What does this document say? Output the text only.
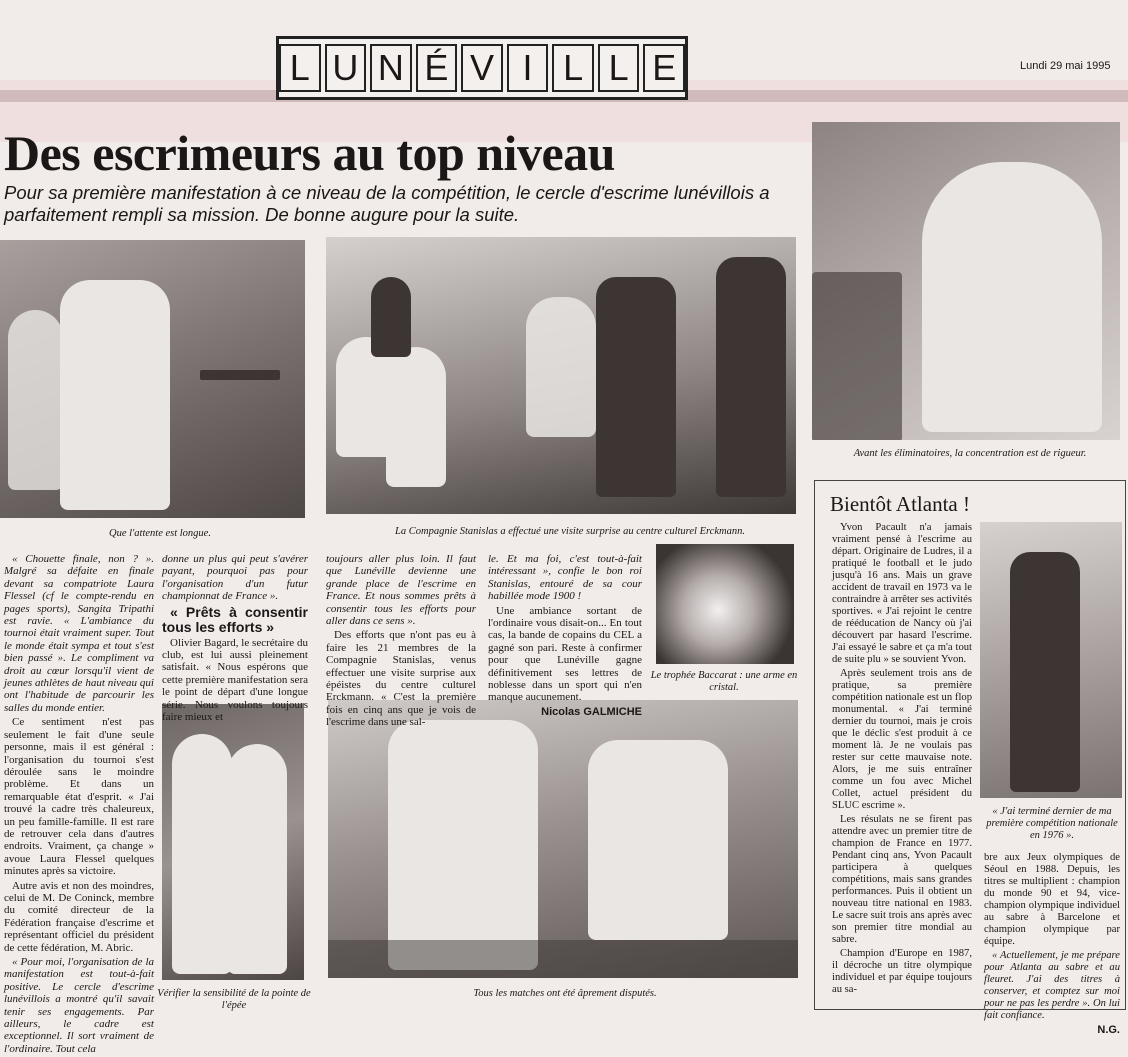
L U N É V I L L E	Lundi 29 mai 1995
Des escrimeurs au top niveau
Pour sa première manifestation à ce niveau de la compétition, le cercle d'escrime lunévillois a parfaitement rempli sa mission. De bonne augure pour la suite.
Que l'attente est longue.	La Compagnie Stanislas a effectué une visite surprise au centre culturel Erckmann.
Avant les éliminatoires, la concentration est de rigueur.
Le trophée Baccarat : une arme en cristal.
Vérifier la sensibilité de la pointe de l'épée
Tous les matches ont été âprement disputés.
« J'ai terminé dernier de ma première compétition nationale en 1976 ».

« Chouette finale, non ? ». Malgré sa défaite en finale devant sa compatriote Laura Flessel (cf le compte-rendu en pages sports), Sangita Tripathi est ravie. « L'ambiance du tournoi était vraiment super. Tout le monde était sympa et tout s'est bien passé ». Le compliment va droit au cœur lorsqu'il vient de jeunes athlètes de haut niveau qui ont l'habitude de parcourir les salles du monde entier.

Ce sentiment n'est pas seulement le fait d'une seule personne, mais il est général : l'organisation du tournoi s'est déroulée sans le moindre problème. Et dans un remarquable état d'esprit. « J'ai trouvé la cadre très chaleureux, un peu famille-famille. Il est rare de retrouver cela dans d'autres endroits. Vraiment, ça change » avoue Laura Flessel quelques minutes après sa victoire.

Autre avis et non des moindres, celui de M. De Coninck, membre du comité directeur de la Fédération française d'escrime et représentant officiel du président de cette fédération, M. Abric.

« Pour moi, l'organisation de la manifestation est tout-à-fait positive. Le cercle d'escrime lunévillois a montré qu'il savait tenir ses engagements. Par ailleurs, le cadre est exceptionnel. Il sort vraiment de l'ordinaire. Tout cela

donne un plus qui peut s'avérer payant, pourquoi pas pour l'organisation d'un futur championnat de France ».

« Prêts à consentir tous les efforts »

Olivier Bagard, le secrétaire du club, est lui aussi pleinement satisfait. « Nous espérons que cette première manifestation sera le point de départ d'une longue série. Nous voulons toujours faire mieux et

toujours aller plus loin. Il faut que Lunéville devienne une grande place de l'escrime en France. Et nous sommes prêts à consentir tous les efforts pour aller dans ce sens ».

Des efforts que n'ont pas eu à faire les 21 membres de la Compagnie Stanislas, venus effectuer une visite surprise aux épéistes du centre culturel Erckmann. « C'est la première fois en cinq ans que je vois de l'escrime dans une sal-

le. Et ma foi, c'est tout-à-fait intéressant », confie le bon roi Stanislas, entouré de sa cour habillée mode 1900 !

Une ambiance sortant de l'ordinaire vous disait-on... En tout cas, la bande de copains du CEL a gagné son pari. Reste à confirmer pour que Lunéville gagne définitivement ses lettres de noblesse dans un sport qui n'en manque aucunement.

Nicolas GALMICHE
Bientôt Atlanta !

Yvon Pacault n'a jamais vraiment pensé à l'escrime au départ. Originaire de Ludres, il a pratiqué le football et le judo jusqu'à 16 ans. Mais un grave accident de travail en 1973 va le contraindre à arrêter ses activités sportives. « J'ai rejoint le centre de rééducation de Nancy où j'ai découvert par hasard l'escrime. J'ai essayé le sabre et ça m'a tout de suite plu » se souvient Yvon.

Après seulement trois ans de pratique, sa première compétition nationale est un flop monumental. « J'ai terminé dernier du tournoi, mais je crois que le déclic s'est produit à ce moment là. Je ne voulais pas rester sur cette mauvaise note. Alors, je me suis entraîner comme un fou avec Michel Collet, actuel président du SLUC escrime ».

Les résulats ne se firent pas attendre avec un premier titre de champion de France en 1977. Pendant cinq ans, Yvon Pacault participera à quelques compétitions, mais sans grandes performances. Puis il obtient un nouveau titre national en 1983. Le sacre suit trois ans après avec son premier titre mondial au sabre.

Champion d'Europe en 1987, il décroche un titre olympique individuel et par équipe toujours au sa-

bre aux Jeux olympiques de Séoul en 1988. Depuis, les titres se multiplient : champion du monde 90 et 94, vice-champion olympique individuel au sabre à Barcelone et champion olympique par équipe.

« Actuellement, je me prépare pour Atlanta au sabre et au fleuret. J'ai des titres à conserver, et comptez sur moi pour ne pas les perdre ». On lui fait confiance.

N.G.
